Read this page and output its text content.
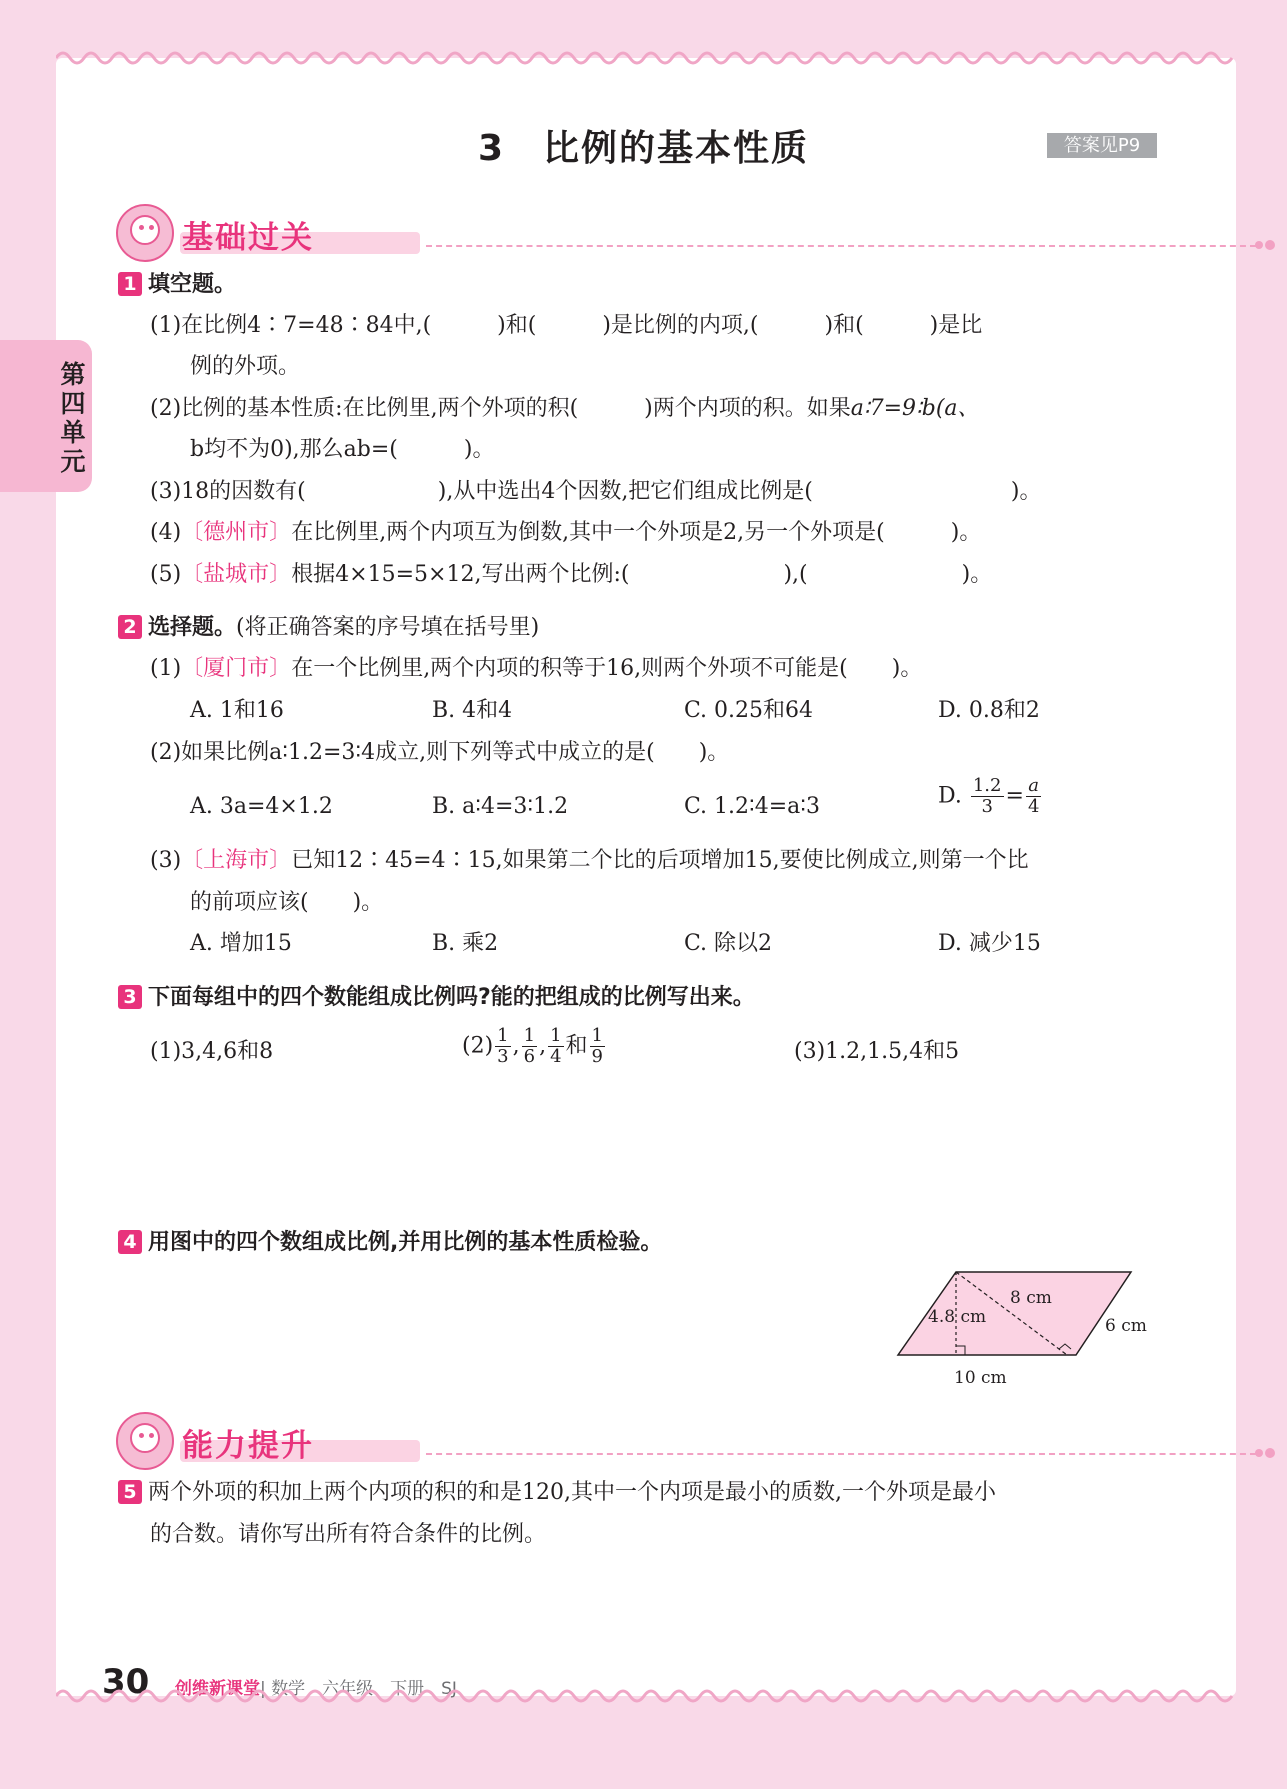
第四单元
3　比例的基本性质	答案见P9
基础过关
1 填空题。
(1)在比例4∶7=48∶84中,(　　　)和(　　　)是比例的内项,(　　　)和(　　　)是比
例的外项。
(2)比例的基本性质:在比例里,两个外项的积(　　　)两个内项的积。如果a∶7=9∶b(a、
b均不为0),那么ab=(　　　)。
(3)18的因数有(　　　　　　),从中选出4个因数,把它们组成比例是(　　　　　　　　　)。
(4)〔德州市〕在比例里,两个内项互为倒数,其中一个外项是2,另一个外项是(　　　)。
(5)〔盐城市〕根据4×15=5×12,写出两个比例:(　　　　　　　),(　　　　　　　)。
2 选择题。(将正确答案的序号填在括号里)
(1)〔厦门市〕在一个比例里,两个内项的积等于16,则两个外项不可能是(　　)。
A. 1和16	B. 4和4	C. 0.25和64	D. 0.8和2
(2)如果比例a∶1.2=3∶4成立,则下列等式中成立的是(　　)。
A. 3a=4×1.2	B. a∶4=3∶1.2	C. 1.2∶4=a∶3	D. $\frac{1.2}{3} = \frac{a}{4}$
(3)〔上海市〕已知12∶45=4∶15,如果第二个比的后项增加15,要使比例成立,则第一个比
的前项应该(　　)。
A. 增加15	B. 乘2	C. 除以2	D. 减少15
3 下面每组中的四个数能组成比例吗?能的把组成的比例写出来。
(1)3,4,6和8	$(2) \frac{1}{3}$ , $\frac{1}{6}$ , $\frac{1}{4}$ 和 $\frac{1}{9}$	(3)1.2,1.5,4和5
4 用图中的四个数组成比例,并用比例的基本性质检验。
4.8 cm
8 cm
6 cm
10 cm
能力提升
5 两个外项的积加上两个内项的积的和是120,其中一个内项是最小的质数,一个外项是最小
的合数。请你写出所有符合条件的比例。
30 创维新课堂| 数学　六年级　下册　SJ
